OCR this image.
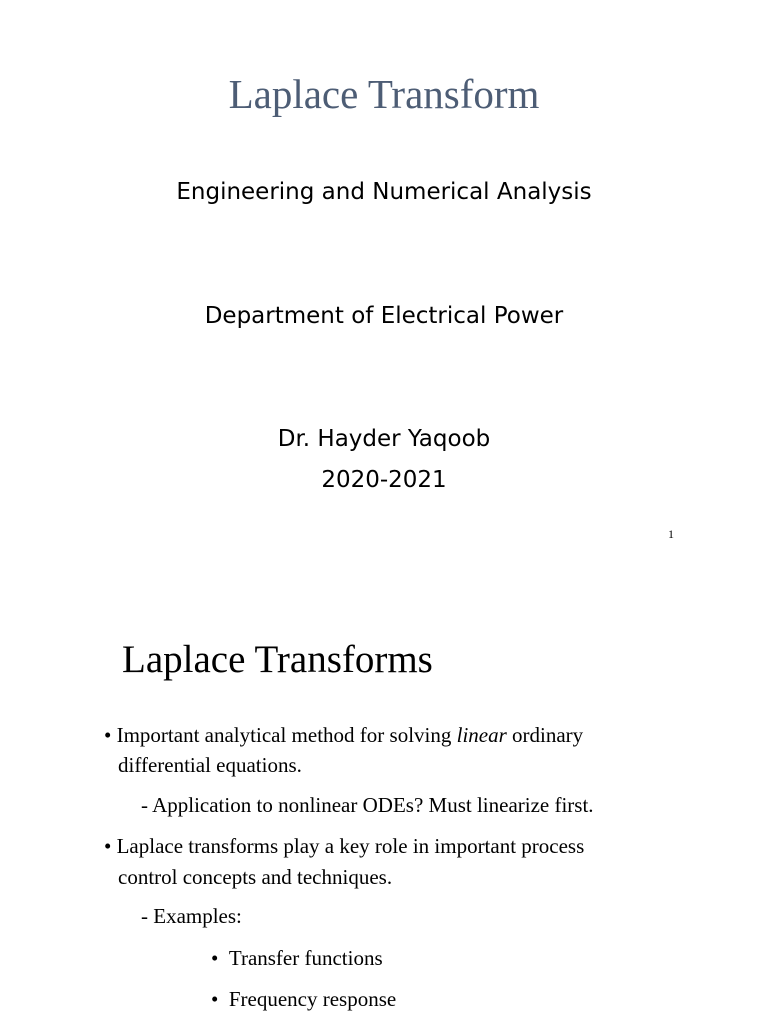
Laplace Transform
Engineering and Numerical Analysis
Department of Electrical Power
Dr. Hayder Yaqoob
2020-2021
1
Laplace Transforms
• Important analytical method for solving linear ordinary
differential equations.
- Application to nonlinear ODEs? Must linearize first.
• Laplace transforms play a key role in important process
control concepts and techniques.
- Examples:
• Transfer functions
• Frequency response
